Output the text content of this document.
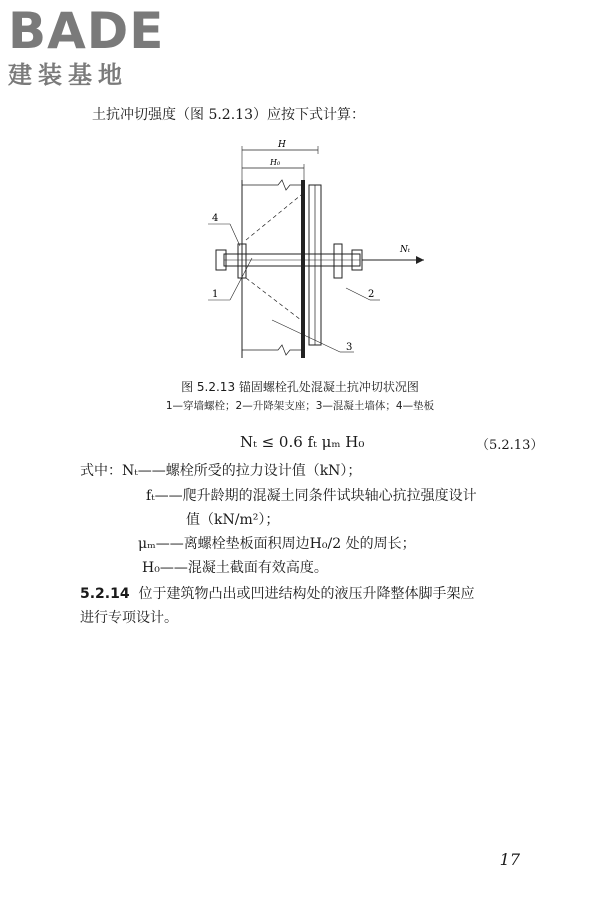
BADE
建装基地
土抗冲切强度（图 5.2.13）应按下式计算：
H
H₀
Nₜ
1	2
3
4
图 5.2.13 锚固螺栓孔处混凝土抗冲切状况图
1—穿墙螺栓；2—升降架支座；3—混凝土墙体；4—垫板
Nₜ ≤ 0.6 fₜ μₘ H₀	（5.2.13）
式中： Nₜ——螺栓所受的拉力设计值（kN）；
fₜ——爬升龄期的混凝土同条件试块轴心抗拉强度设计
值（kN/m²）；
μₘ——离螺栓垫板面积周边H₀/2 处的周长；
H₀——混凝土截面有效高度。
5.2.14 位于建筑物凸出或凹进结构处的液压升降整体脚手架应
进行专项设计。
17
